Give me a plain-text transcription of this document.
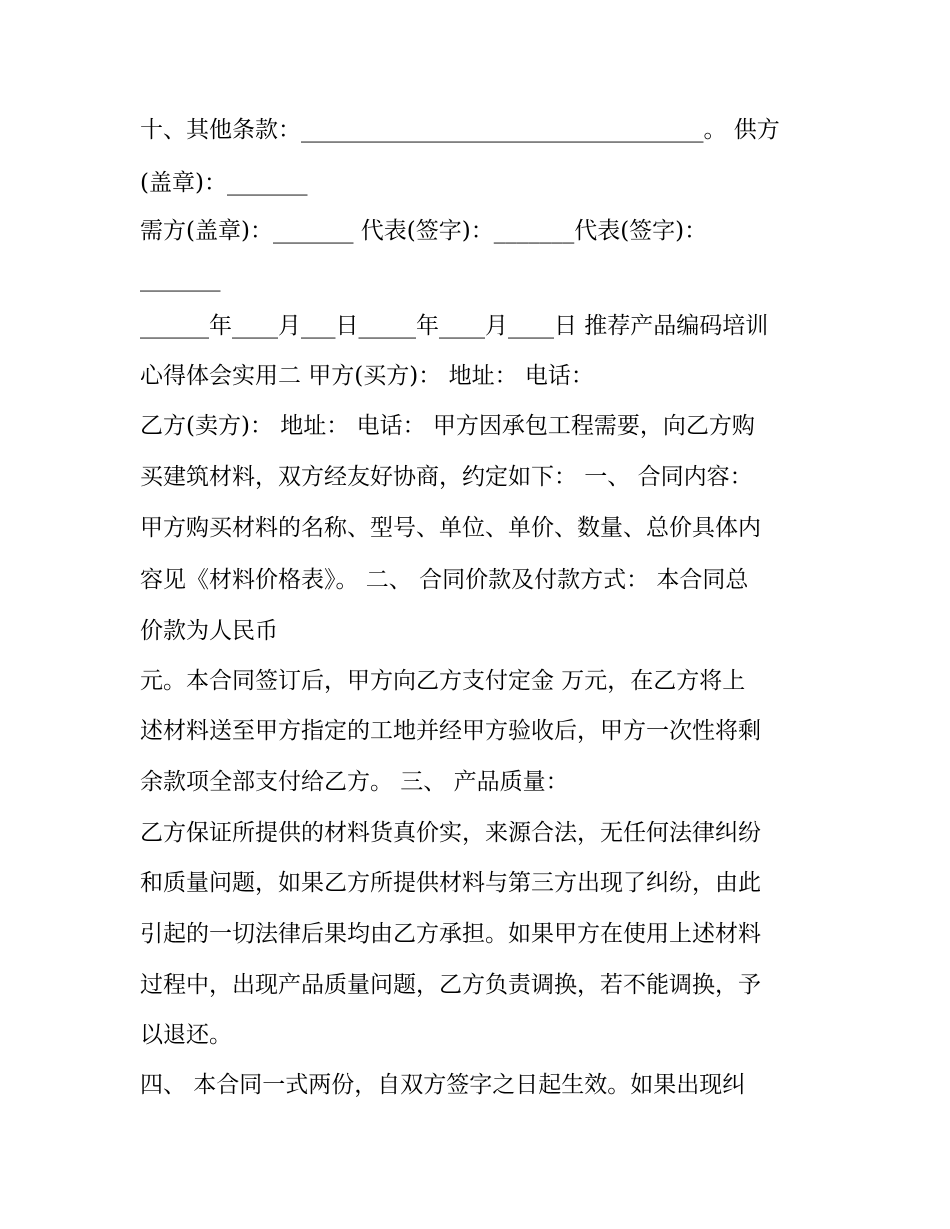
十、其他条款：___________________________________。 供方
(盖章)：_______
需方(盖章)：_______ 代表(签字)：_______代表(签字)：
_______
______年____月___日_____年____月____日 推荐产品编码培训
心得体会实用二 甲方(买方)： 地址： 电话：
乙方(卖方)： 地址： 电话： 甲方因承包工程需要，向乙方购
买建筑材料，双方经友好协商，约定如下： 一、 合同内容：
甲方购买材料的名称、型号、单位、单价、数量、总价具体内
容见《材料价格表》。 二、 合同价款及付款方式： 本合同总
价款为人民币
元。本合同签订后，甲方向乙方支付定金 万元，在乙方将上
述材料送至甲方指定的工地并经甲方验收后，甲方一次性将剩
余款项全部支付给乙方。 三、 产品质量：
乙方保证所提供的材料货真价实，来源合法，无任何法律纠纷
和质量问题，如果乙方所提供材料与第三方出现了纠纷，由此
引起的一切法律后果均由乙方承担。如果甲方在使用上述材料
过程中，出现产品质量问题，乙方负责调换，若不能调换，予
以退还。
四、 本合同一式两份，自双方签字之日起生效。如果出现纠
